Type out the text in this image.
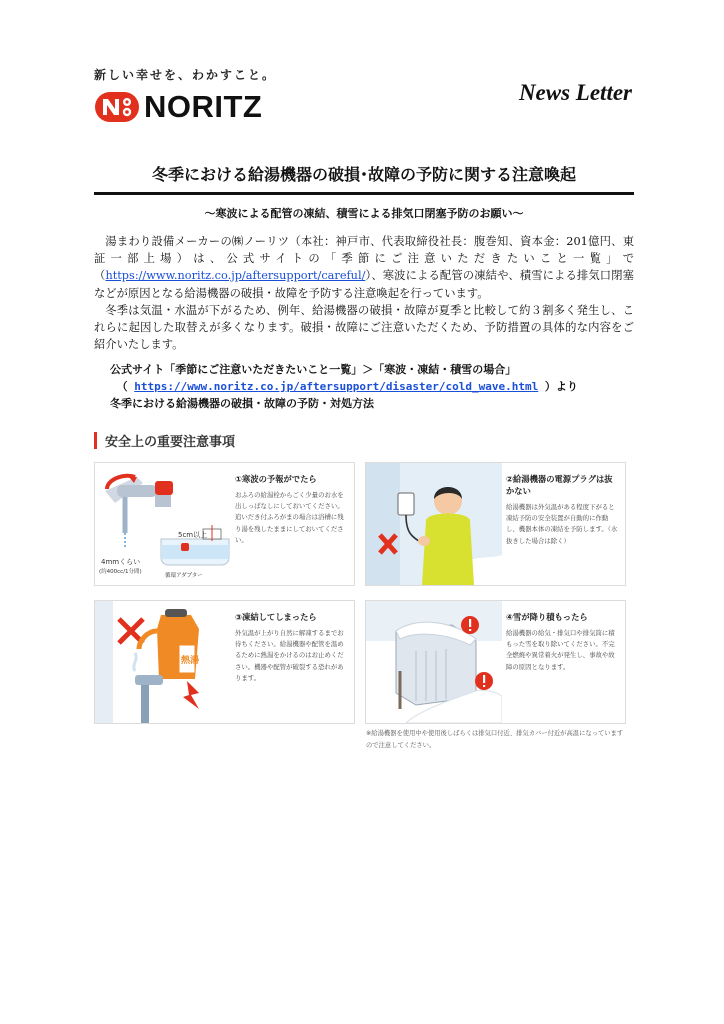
新しい幸せを、わかすこと。
NORITZ	News Letter
冬季における給湯機器の破損･故障の予防に関する注意喚起
～寒波による配管の凍結、積雪による排気口閉塞予防のお願い～

湯まわり設備メーカーの㈱ノーリツ（本社：神戸市、代表取締役社長：腹巻知、資本金：201億円、東証一部上場）は、公式サイトの「季節にご注意いただきたいこと一覧」で（https://www.noritz.co.jp/aftersupport/careful/）、寒波による配管の凍結や、積雪による排気口閉塞などが原因となる給湯機器の破損・故障を予防する注意喚起を行っています。

冬季は気温・水温が下がるため、例年、給湯機器の破損・故障が夏季と比較して約３割多く発生し、これらに起因した取替えが多くなります。破損・故障にご注意いただくため、予防措置の具体的な内容をご紹介いたします。

公式サイト「季節にご注意いただきたいこと一覧」＞「寒波・凍結・積雪の場合」
（ https://www.noritz.co.jp/aftersupport/disaster/cold_wave.html ）より
冬季における給湯機器の破損・故障の予防・対処方法
安全上の重要注意事項
4mmくらい
(約400cc/1分間)
5cm以上
循環アダプター
①寒波の予報がでたら
おふろの給湯栓からごく少量のお水を出しっぱなしにしておいてください。追いだき付ふろがまの場合は浴槽に残り湯を残したままにしておいてください。
②給湯機器の電源プラグは抜かない
給湯機器は外気温がある程度下がると凍結予防の安全装置が自動的に作動し、機器本体の凍結を予防します。（水抜きした場合は除く）
熱湯
③凍結してしまったら
外気温が上がり自然に解凍するまでお待ちください。給湯機器や配管を温めるために熱湯をかけるのはお止めください。機器や配管が破裂する恐れがあります。
④雪が降り積もったら
給湯機器の給気・排気口や排気筒に積もった雪を取り除いてください。不完全燃焼や異常着火が発生し、事故や故障の原因となります。
※給湯機器を使用中や使用後しばらくは排気口付近、排気カバー付近が高温になっていますので注意してください。
